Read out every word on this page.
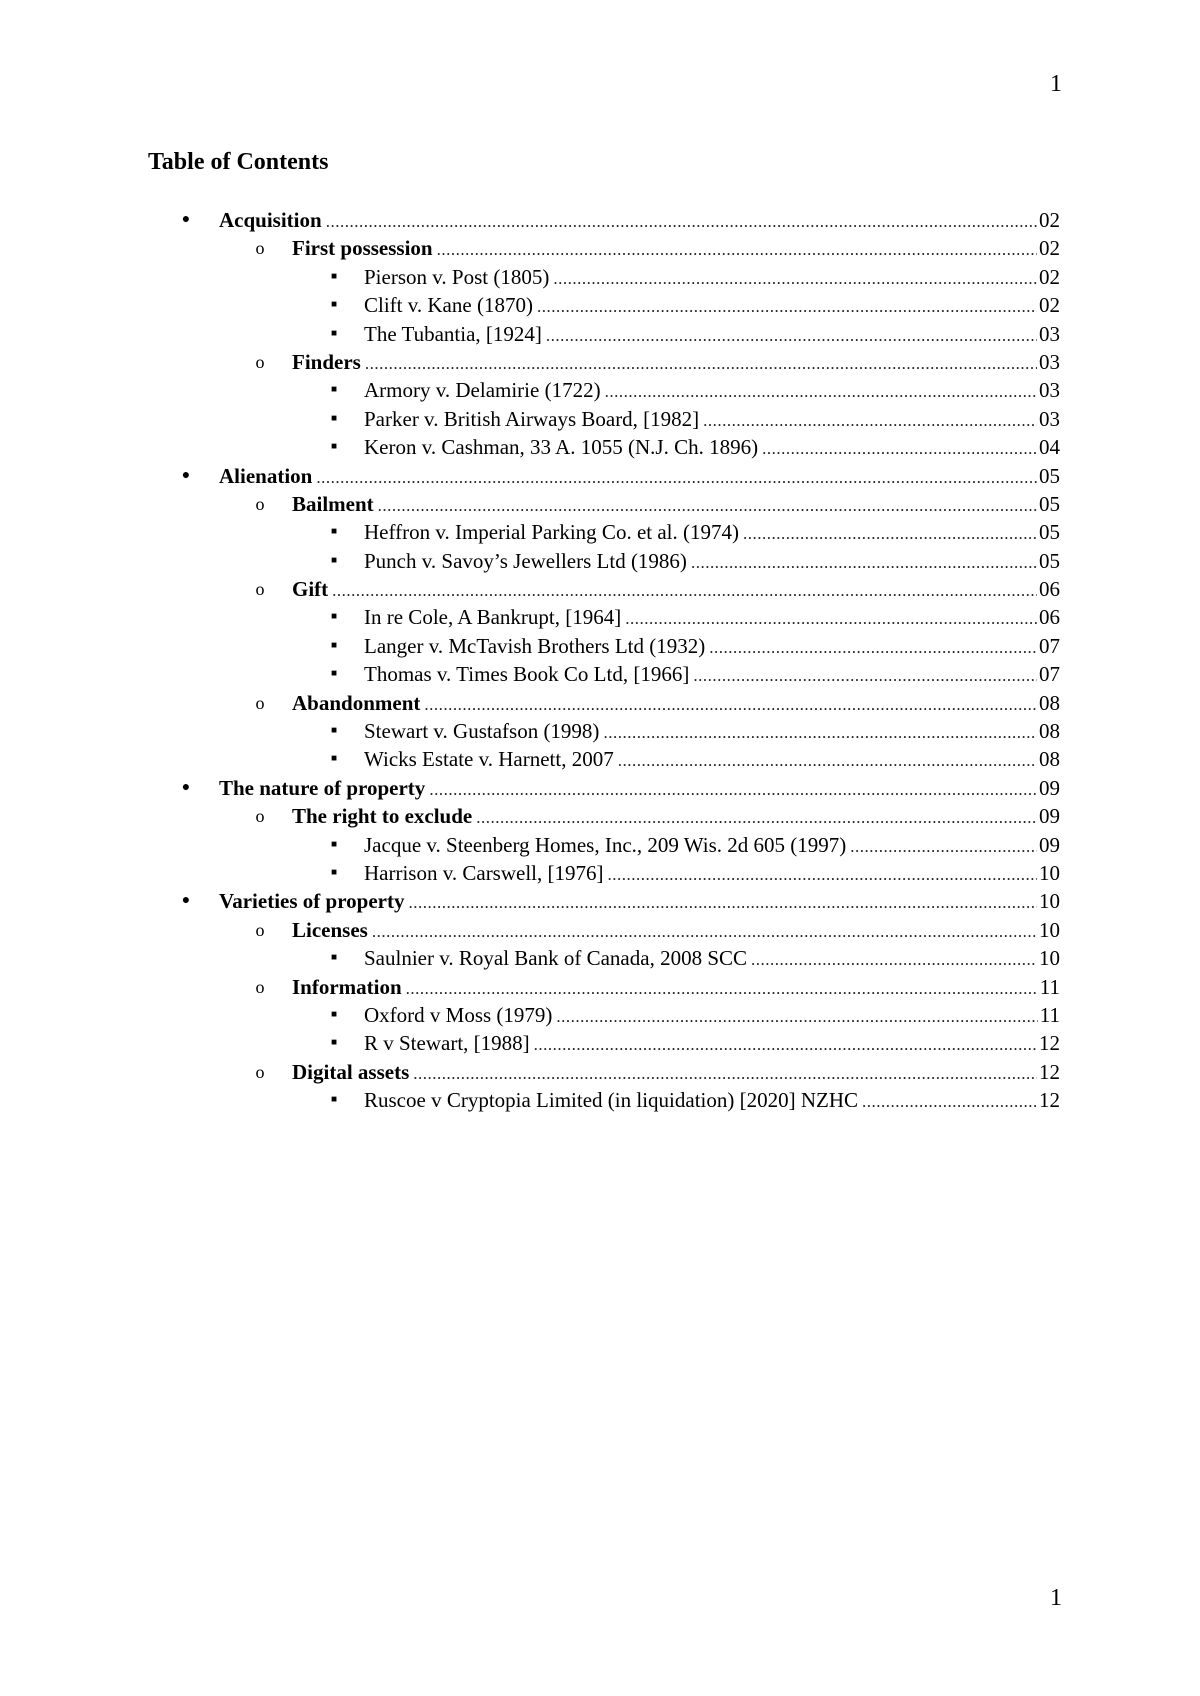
1
Table of Contents
● Acquisition .....	02
o First possession .....	02
■	Pierson v. Post (1805) .....	02
■	Clift v. Kane (1870) .....	02
■	The Tubantia, [1924] .....	03
o Finders .....	03
■	Armory v. Delamirie (1722) .....	03
■	Parker v. British Airways Board, [1982] .....	03
■	Keron v. Cashman, 33 A. 1055 (N.J. Ch. 1896) .....	04
● Alienation .....	05
o Bailment .....	05
■	Heffron v. Imperial Parking Co. et al. (1974) .....	05
■	Punch v. Savoy’s Jewellers Ltd (1986) .....	05
o Gift .....	06
■	In re Cole, A Bankrupt, [1964] .....	06
■	Langer v. McTavish Brothers Ltd (1932) .....	07
■	Thomas v. Times Book Co Ltd, [1966] .....	07
o Abandonment .....	08
■	Stewart v. Gustafson (1998) .....	08
■	Wicks Estate v. Harnett, 2007 .....	08
● The nature of property .....	09
o The right to exclude .....	09
■	Jacque v. Steenberg Homes, Inc., 209 Wis. 2d 605 (1997) .....	09
■	Harrison v. Carswell, [1976] .....	10
● Varieties of property .....	10
o Licenses .....	10
■	Saulnier v. Royal Bank of Canada, 2008 SCC .....	10
o Information .....	11
■	Oxford v Moss (1979) .....	11
■	R v Stewart, [1988] .....	12
o Digital assets .....	12
■	Ruscoe v Cryptopia Limited (in liquidation) [2020] NZHC .....	12
1
